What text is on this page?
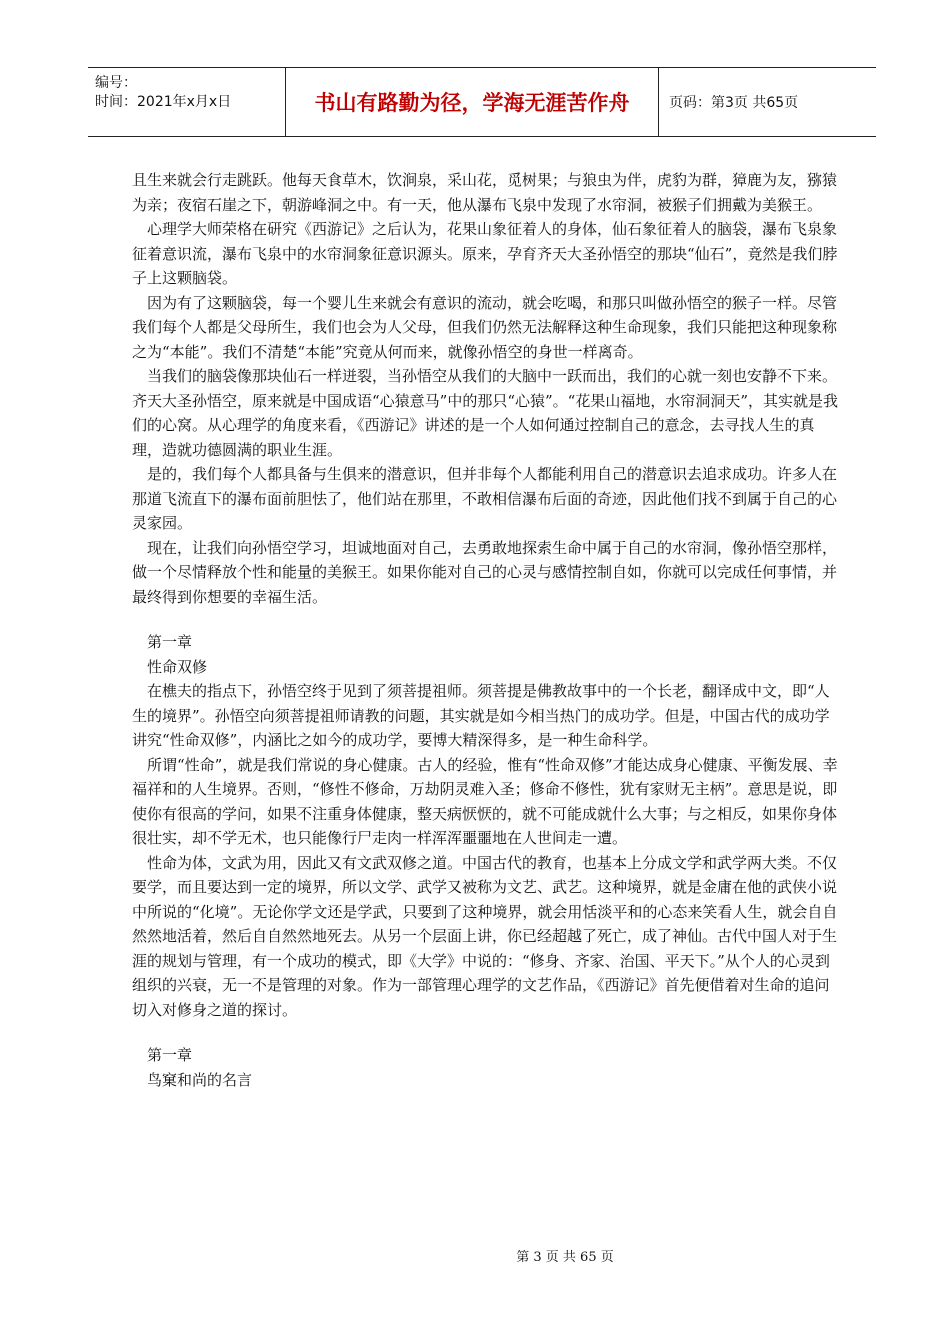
编号：
时间：2021年x月x日	书山有路勤为径，学海无涯苦作舟	页码：第3页 共65页

且生来就会行走跳跃。他每天食草木，饮涧泉，采山花，觅树果；与狼虫为伴，虎豹为群，獐鹿为友，猕猿为亲；夜宿石崖之下，朝游峰洞之中。有一天，他从瀑布飞泉中发现了水帘洞，被猴子们拥戴为美猴王。

心理学大师荣格在研究《西游记》之后认为，花果山象征着人的身体，仙石象征着人的脑袋，瀑布飞泉象征着意识流，瀑布飞泉中的水帘洞象征意识源头。原来，孕育齐天大圣孙悟空的那块“仙石”，竟然是我们脖子上这颗脑袋。

因为有了这颗脑袋，每一个婴儿生来就会有意识的流动，就会吃喝，和那只叫做孙悟空的猴子一样。尽管我们每个人都是父母所生，我们也会为人父母，但我们仍然无法解释这种生命现象，我们只能把这种现象称之为“本能”。我们不清楚“本能”究竟从何而来，就像孙悟空的身世一样离奇。

当我们的脑袋像那块仙石一样迸裂，当孙悟空从我们的大脑中一跃而出，我们的心就一刻也安静不下来。齐天大圣孙悟空，原来就是中国成语“心猿意马”中的那只“心猿”。“花果山福地，水帘洞洞天”，其实就是我们的心窝。从心理学的角度来看，《西游记》讲述的是一个人如何通过控制自己的意念，去寻找人生的真理，造就功德圆满的职业生涯。

是的，我们每个人都具备与生俱来的潜意识，但并非每个人都能利用自己的潜意识去追求成功。许多人在那道飞流直下的瀑布面前胆怯了，他们站在那里，不敢相信瀑布后面的奇迹，因此他们找不到属于自己的心灵家园。

现在，让我们向孙悟空学习，坦诚地面对自己，去勇敢地探索生命中属于自己的水帘洞，像孙悟空那样，做一个尽情释放个性和能量的美猴王。如果你能对自己的心灵与感情控制自如，你就可以完成任何事情，并最终得到你想要的幸福生活。

第一章
性命双修

在樵夫的指点下，孙悟空终于见到了须菩提祖师。须菩提是佛教故事中的一个长老，翻译成中文，即“人生的境界”。孙悟空向须菩提祖师请教的问题，其实就是如今相当热门的成功学。但是，中国古代的成功学讲究“性命双修”，内涵比之如今的成功学，要博大精深得多，是一种生命科学。

所谓“性命”，就是我们常说的身心健康。古人的经验，惟有“性命双修”才能达成身心健康、平衡发展、幸福祥和的人生境界。否则，“修性不修命，万劫阴灵难入圣；修命不修性，犹有家财无主柄”。意思是说，即使你有很高的学问，如果不注重身体健康，整天病恹恹的，就不可能成就什么大事；与之相反，如果你身体很壮实，却不学无术，也只能像行尸走肉一样浑浑噩噩地在人世间走一遭。

性命为体，文武为用，因此又有文武双修之道。中国古代的教育，也基本上分成文学和武学两大类。不仅要学，而且要达到一定的境界，所以文学、武学又被称为文艺、武艺。这种境界，就是金庸在他的武侠小说中所说的“化境”。无论你学文还是学武，只要到了这种境界，就会用恬淡平和的心态来笑看人生，就会自自然然地活着，然后自自然然地死去。从另一个层面上讲，你已经超越了死亡，成了神仙。古代中国人对于生涯的规划与管理，有一个成功的模式，即《大学》中说的：“修身、齐家、治国、平天下。”从个人的心灵到组织的兴衰，无一不是管理的对象。作为一部管理心理学的文艺作品，《西游记》首先便借着对生命的追问切入对修身之道的探讨。

第一章
鸟窠和尚的名言
第 3 页 共 65 页
